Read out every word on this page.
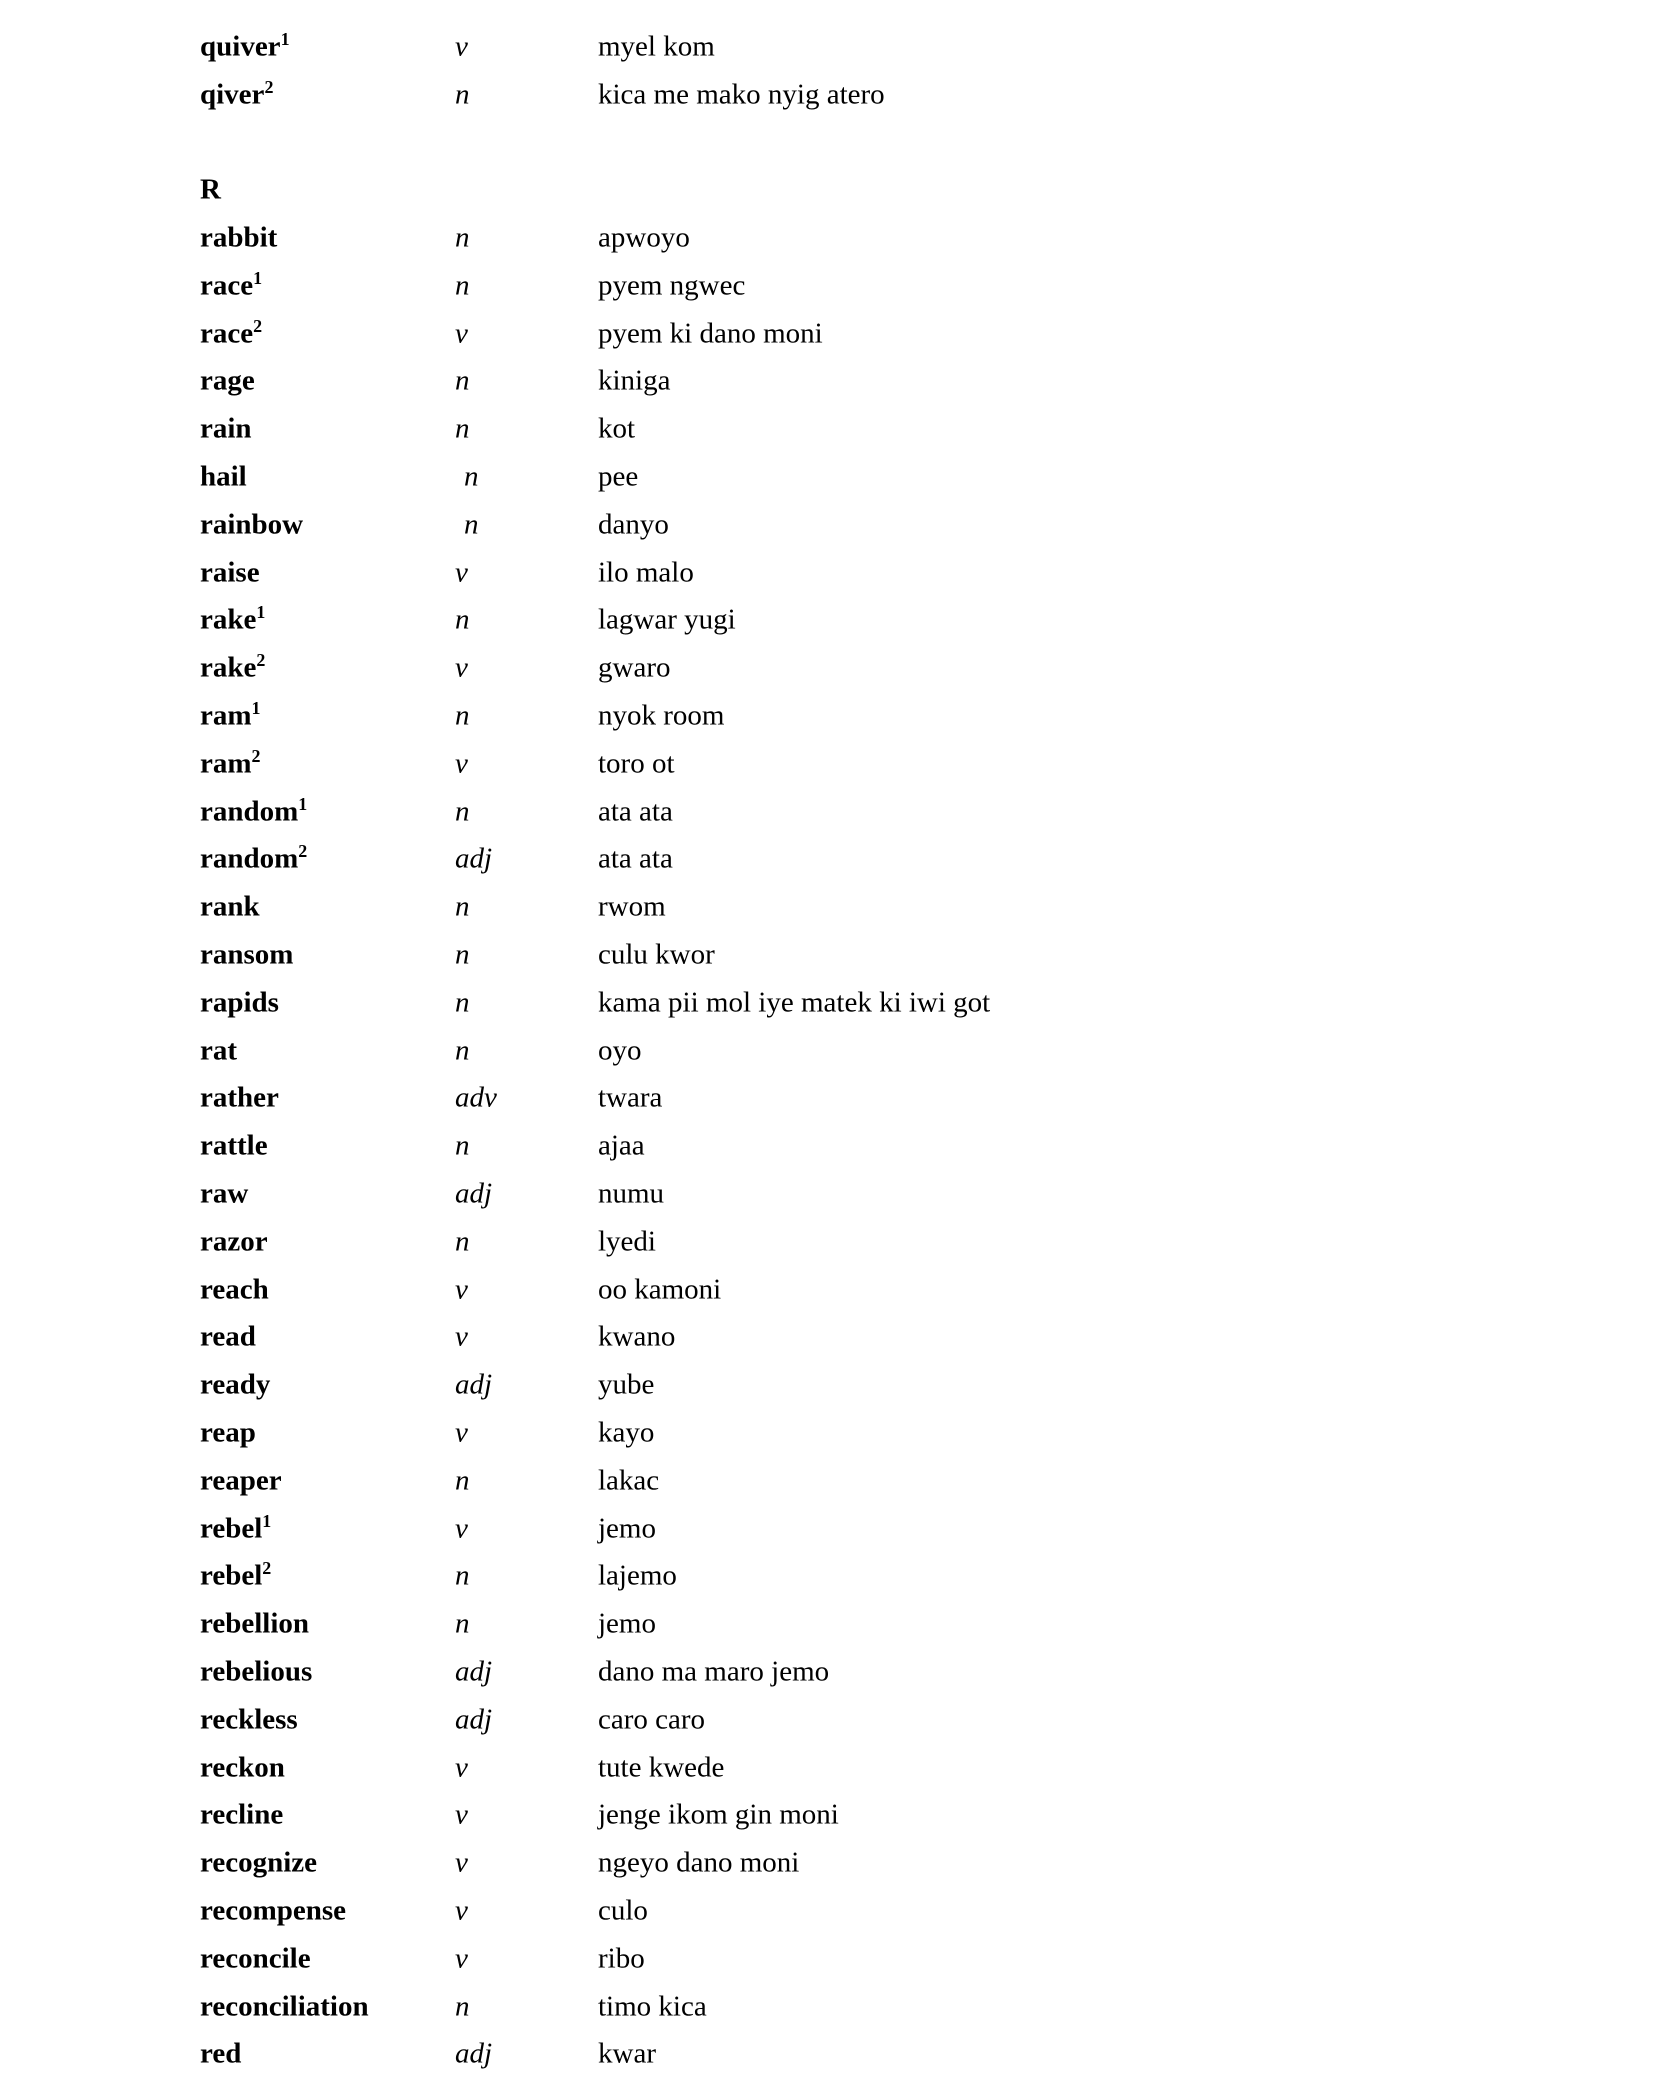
quiver$^1$	v	myel kom
qiver$^2$	n	kica me mako nyig atero
R
rabbit	n	apwoyo
race$^1$	n	pyem ngwec
race$^2$	v	pyem ki dano moni
rage	n	kiniga
rain	n	kot
hail	n	pee
rainbow	n	danyo
raise	v	ilo malo
rake$^1$	n	lagwar yugi
rake$^2$	v	gwaro
ram$^1$	n	nyok room
ram$^2$	v	toro ot
random$^1$	n	ata ata
random$^2$	adj	ata ata
rank	n	rwom
ransom	n	culu kwor
rapids	n	kama pii mol iye matek ki iwi got
rat	n	oyo
rather	adv	twara
rattle	n	ajaa
raw	adj	numu
razor	n	lyedi
reach	v	oo kamoni
read	v	kwano
ready	adj	yube
reap	v	kayo
reaper	n	lakac
rebel$^1$	v	jemo
rebel$^2$	n	lajemo
rebellion	n	jemo
rebelious	adj	dano ma maro jemo
reckless	adj	caro caro
reckon	v	tute kwede
recline	v	jenge ikom gin moni
recognize	v	ngeyo dano moni
recompense	v	culo
reconcile	v	ribo
reconciliation	n	timo kica
red	adj	kwar
